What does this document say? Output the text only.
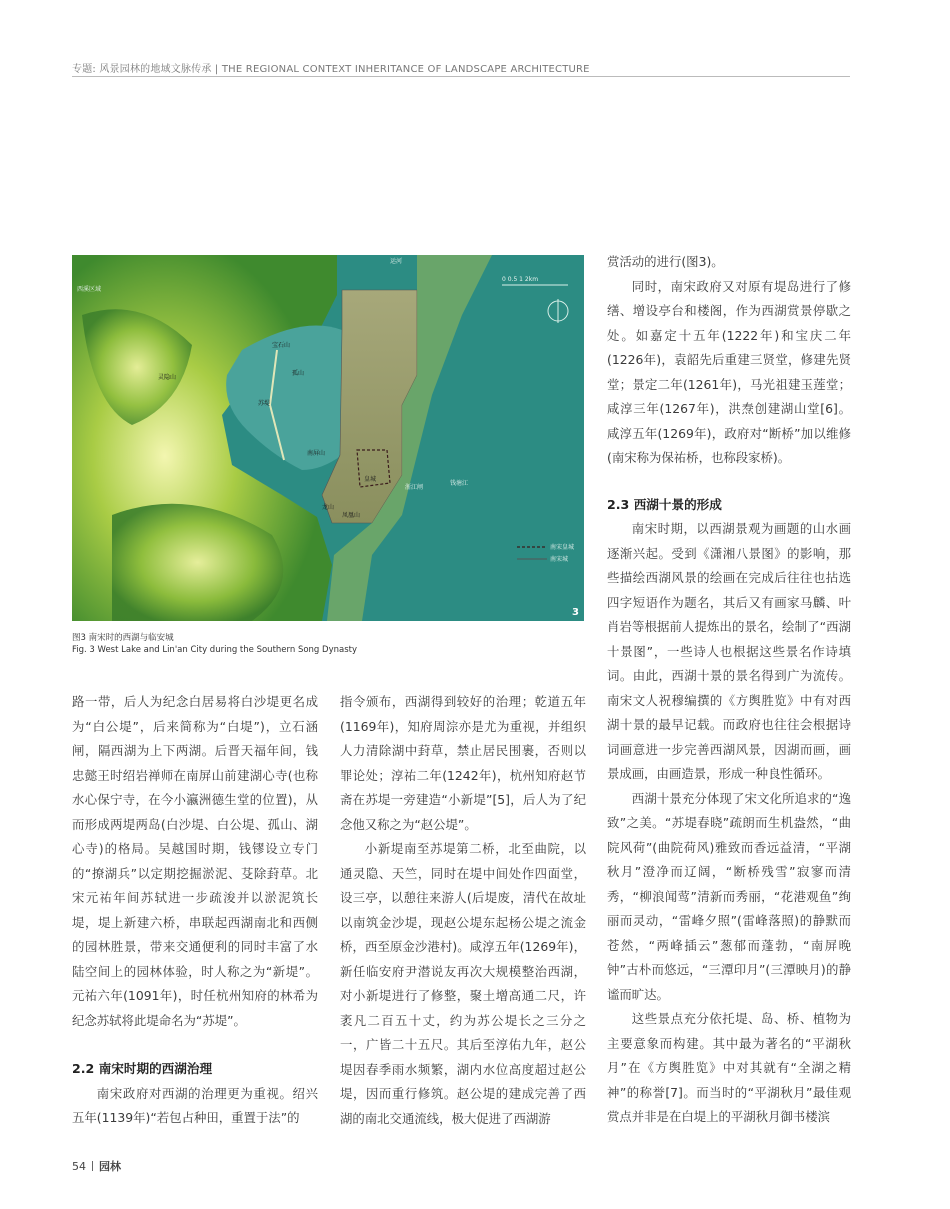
专题: 风景园林的地域文脉传承 | THE REGIONAL CONTEXT INHERITANCE OF LANDSCAPE ARCHITECTURE
0 0.5 1 2km
南宋皇城
南宋城
西溪区域
运河
钱塘江
龙山
灵隐山
宝石山
皇城
苏堤
孤山
南屏山
凤凰山
浙江闸
3
图3 南宋时的西湖与临安城
Fig. 3 West Lake and Lin'an City during the Southern Song Dynasty

路一带，后人为纪念白居易将白沙堤更名成为“白公堤”，后来简称为“白堤”)，立石涵闸，隔西湖为上下两湖。后晋天福年间，钱忠懿王时绍岩禅师在南屏山前建湖心寺(也称水心保宁寺，在今小瀛洲德生堂的位置)，从而形成两堤两岛(白沙堤、白公堤、孤山、湖心寺)的格局。吴越国时期，钱镠设立专门的“撩湖兵”以定期挖掘淤泥、芟除葑草。北宋元祐年间苏轼进一步疏浚并以淤泥筑长堤，堤上新建六桥，串联起西湖南北和西侧的园林胜景，带来交通便利的同时丰富了水陆空间上的园林体验，时人称之为“新堤”。元祐六年(1091年)，时任杭州知府的林希为纪念苏轼将此堤命名为“苏堤”。

2.2 南宋时期的西湖治理

南宋政府对西湖的治理更为重视。绍兴五年(1139年)“若包占种田，重置于法”的

指令颁布，西湖得到较好的治理；乾道五年(1169年)，知府周淙亦是尤为重视，并组织人力清除湖中葑草，禁止居民围裹，否则以罪论处；淳祐二年(1242年)，杭州知府赵节斋在苏堤一旁建造“小新堤”[5]，后人为了纪念他又称之为“赵公堤”。

小新堤南至苏堤第二桥，北至曲院，以通灵隐、天竺，同时在堤中间处作四面堂，设三亭，以憩往来游人(后堤废，清代在故址以南筑金沙堤，现赵公堤东起杨公堤之流金桥，西至原金沙港村)。咸淳五年(1269年)，新任临安府尹潜说友再次大规模整治西湖，对小新堤进行了修整，聚土增高通二尺，许袤凡二百五十丈，约为苏公堤长之三分之一，广皆二十五尺。其后至淳佑九年，赵公堤因春季雨水频繁，湖内水位高度超过赵公堤，因而重行修筑。赵公堤的建成完善了西湖的南北交通流线，极大促进了西湖游

赏活动的进行(图3)。

同时，南宋政府又对原有堤岛进行了修缮、增设亭台和楼阁，作为西湖赏景停歇之处。如嘉定十五年(1222年)和宝庆二年(1226年)，袁韶先后重建三贤堂，修建先贤堂；景定二年(1261年)，马光祖建玉莲堂；咸淳三年(1267年)，洪焘创建湖山堂[6]。咸淳五年(1269年)，政府对“断桥”加以维修(南宋称为保祐桥，也称段家桥)。

2.3 西湖十景的形成

南宋时期，以西湖景观为画题的山水画逐渐兴起。受到《潇湘八景图》的影响，那些描绘西湖风景的绘画在完成后往往也拈选四字短语作为题名，其后又有画家马麟、叶肖岩等根据前人提炼出的景名，绘制了“西湖十景图”，一些诗人也根据这些景名作诗填词。由此，西湖十景的景名得到广为流传。南宋文人祝穆编撰的《方舆胜览》中有对西湖十景的最早记载。而政府也往往会根据诗词画意进一步完善西湖风景，因湖而画，画景成画，由画造景，形成一种良性循环。

西湖十景充分体现了宋文化所追求的“逸致”之美。“苏堤春晓”疏朗而生机盎然，“曲院风荷”(曲院荷风)雅致而香远益清，“平湖秋月”澄净而辽阔，“断桥残雪”寂寥而清秀，“柳浪闻莺”清新而秀丽，“花港观鱼”绚丽而灵动，“雷峰夕照”(雷峰落照)的静默而苍然，“两峰插云”葱郁而蓬勃，“南屏晚钟”古朴而悠远，“三潭印月”(三潭映月)的静谧而旷达。

这些景点充分依托堤、岛、桥、植物为主要意象而构建。其中最为著名的“平湖秋月”在《方舆胜览》中对其就有“全湖之精神”的称誉[7]。而当时的“平湖秋月”最佳观赏点并非是在白堤上的平湖秋月御书楼滨

54 园林
